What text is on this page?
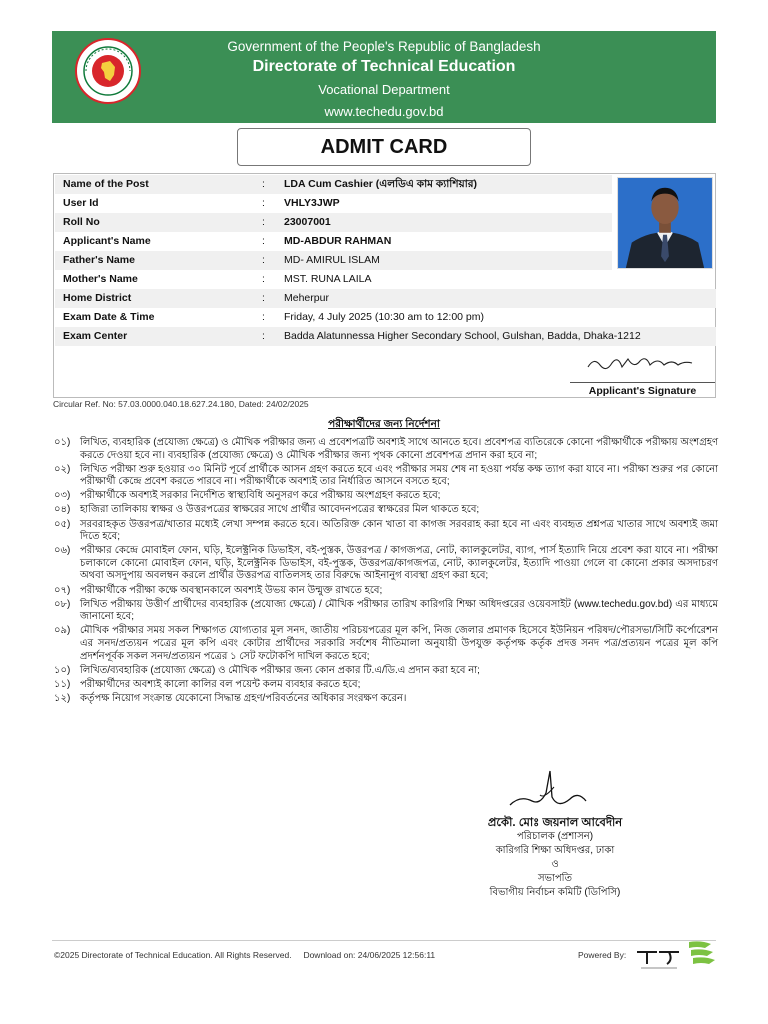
Government of the People's Republic of Bangladesh
Directorate of Technical Education
Vocational Department
www.techedu.gov.bd
ADMIT CARD
Name of the Post	: LDA Cum Cashier (এলডিএ কাম ক্যাশিয়ার)
User Id	: VHLY3JWP
Roll No	: 23007001
Applicant's Name	: MD-ABDUR RAHMAN
Father's Name	: MD- AMIRUL ISLAM
Mother's Name	: MST. RUNA LAILA
Home District	: Meherpur
Exam Date & Time	: Friday, 4 July 2025 (10:30 am to 12:00 pm)
Exam Center	: Badda Alatunnessa Higher Secondary School, Gulshan, Badda, Dhaka-1212
Applicant's Signature
Circular Ref. No: 57.03.0000.040.18.627.24.180, Dated: 24/02/2025
পরীক্ষার্থীদের জন্য নির্দেশনা
০১) লিখিত, ব্যবহারিক (প্রযোজ্য ক্ষেত্রে) ও মৌখিক পরীক্ষার জন্য এ প্রবেশপত্রটি অবশ্যই সাথে আনতে হবে। প্রবেশপত্র ব্যতিরেকে কোনো পরীক্ষার্থীকে পরীক্ষায় অংশগ্রহণ করতে দেওয়া হবে না। ব্যবহারিক (প্রযোজ্য ক্ষেত্রে) ও মৌখিক পরীক্ষার জন্য পৃথক কোনো প্রবেশপত্র প্রদান করা হবে না;
০২) লিখিত পরীক্ষা শুরু হওয়ার ৩০ মিনিট পূর্বে প্রার্থীকে আসন গ্রহণ করতে হবে এবং পরীক্ষার সময় শেষ না হওয়া পর্যন্ত কক্ষ ত্যাগ করা যাবে না। পরীক্ষা শুরুর পর কোনো পরীক্ষার্থী কেন্দ্রে প্রবেশ করতে পারবে না। পরীক্ষার্থীকে অবশ্যই তার নির্ধারিত আসনে বসতে হবে;
০৩) পরীক্ষার্থীকে অবশ্যই সরকার নির্দেশিত স্বাস্থ্যবিধি অনুসরণ করে পরীক্ষায় অংশগ্রহণ করতে হবে;
০৪) হাজিরা তালিকায় স্বাক্ষর ও উত্তরপত্রের স্বাক্ষরের সাথে প্রার্থীর আবেদনপত্রের স্বাক্ষরের মিল থাকতে হবে;
০৫) সরবরাহকৃত উত্তরপত্র/খাতার মধ্যেই লেখা সম্পন্ন করতে হবে। অতিরিক্ত কোন খাতা বা কাগজ সরবরাহ করা হবে না এবং ব্যবহৃত প্রশ্নপত্র খাতার সাথে অবশ্যই জমা দিতে হবে;
০৬) পরীক্ষার কেন্দ্রে মোবাইল ফোন, ঘড়ি, ইলেক্ট্রনিক ডিভাইস, বই-পুস্তক, উত্তরপত্র / কাগজপত্র, নোট, ক্যালকুলেটর, ব্যাগ, পার্স ইত্যাদি নিয়ে প্রবেশ করা যাবে না। পরীক্ষা চলাকালে কোনো মোবাইল ফোন, ঘড়ি, ইলেক্ট্রনিক ডিভাইস, বই-পুস্তক, উত্তরপত্র/কাগজপত্র, নোট, ক্যালকুলেটর, ইত্যাদি পাওয়া গেলে বা কোনো প্রকার অসদাচরণ অথবা অসদুপায় অবলম্বন করলে প্রার্থীর উত্তরপত্র বাতিলসহ তার বিরুদ্ধে আইনানুগ ব্যবস্থা গ্রহণ করা হবে;
০৭) পরীক্ষার্থীকে পরীক্ষা কক্ষে অবস্থানকালে অবশ্যই উভয় কান উন্মুক্ত রাখতে হবে;
০৮) লিখিত পরীক্ষায় উত্তীর্ণ প্রার্থীদের ব্যবহারিক (প্রযোজ্য ক্ষেত্রে) / মৌখিক পরীক্ষার তারিখ কারিগরি শিক্ষা অধিদপ্তরের ওয়েবসাইট (www.techedu.gov.bd) এর মাধ্যমে জানানো হবে;
০৯) মৌখিক পরীক্ষার সময় সকল শিক্ষাগত যোগ্যতার মূল সনদ, জাতীয় পরিচয়পত্রের মূল কপি, নিজ জেলার প্রমাণক হিসেবে ইউনিয়ন পরিষদ/পৌরসভা/সিটি কর্পোরেশন এর সনদ/প্রত্যয়ন পত্রের মূল কপি এবং কোটার প্রার্থীদের সরকারি সর্বশেষ নীতিমালা অনুযায়ী উপযুক্ত কর্তৃপক্ষ কর্তৃক প্রদত্ত সনদ পত্র/প্রত্যয়ন পত্রের মূল কপি প্রদর্শনপূর্বক সকল সনদ/প্রত্যয়ন পত্রের ১ সেট ফটোকপি দাখিল করতে হবে;
১০) লিখিত/ব্যবহারিক (প্রযোজ্য ক্ষেত্রে) ও মৌখিক পরীক্ষার জন্য কোন প্রকার টি.এ/ডি.এ প্রদান করা হবে না;
১১) পরীক্ষার্থীদের অবশ্যই কালো কালির বল পয়েন্ট কলম ব্যবহার করতে হবে;
১২) কর্তৃপক্ষ নিয়োগ সংক্রান্ত যেকোনো সিদ্ধান্ত গ্রহণ/পরিবর্তনের অধিকার সংরক্ষণ করেন।
প্রকৌ. মোঃ জয়নাল আবেদীন
পরিচালক (প্রশাসন)
কারিগরি শিক্ষা অধিদপ্তর, ঢাকা
ও
সভাপতি
বিভাগীয় নির্বাচন কমিটি (ডিপিসি)
©2025 Directorate of Technical Education. All Rights Reserved. Download on: 24/06/2025 12:56:11	Powered By:
